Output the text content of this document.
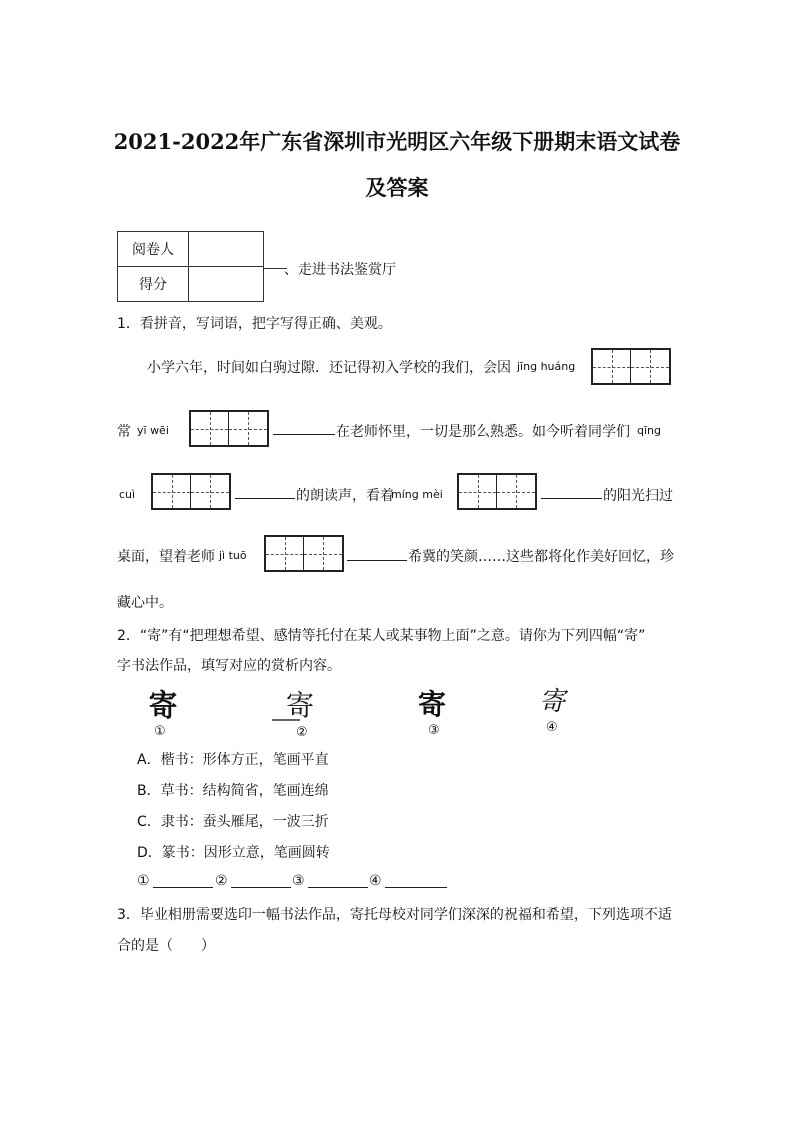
2021-2022年广东省深圳市光明区六年级下册期末语文试卷
及答案
阅卷人	
得分	
、走进书法鉴赏厅
1．看拼音，写词语，把字写得正确、美观。
小学六年，时间如白驹过隙．还记得初入学校的我们，会因 jīng huáng
常 yī wēi	在老师怀里，一切是那么熟悉。如今听着同学们 qīng
cuì	的朗读声，看着
míng mèi	的阳光扫过
桌面，望着老师 jì tuō	希冀的笑颜……这些都将化作美好回忆，珍
藏心中。
2．“寄”有“把理想希望、感情等托付在某人或某事物上面”之意。请你为下列四幅“寄”
字书法作品，填写对应的赏析内容。
寄
①
寄
②
寄
③
寄
④
A．楷书：形体方正，笔画平直
B．草书：结构简省，笔画连绵
C．隶书：蚕头雁尾，一波三折
D．篆书：因形立意，笔画圆转
①	②	③	④
3．毕业相册需要选印一幅书法作品，寄托母校对同学们深深的祝福和希望，下列选项不适
合的是（　　）
